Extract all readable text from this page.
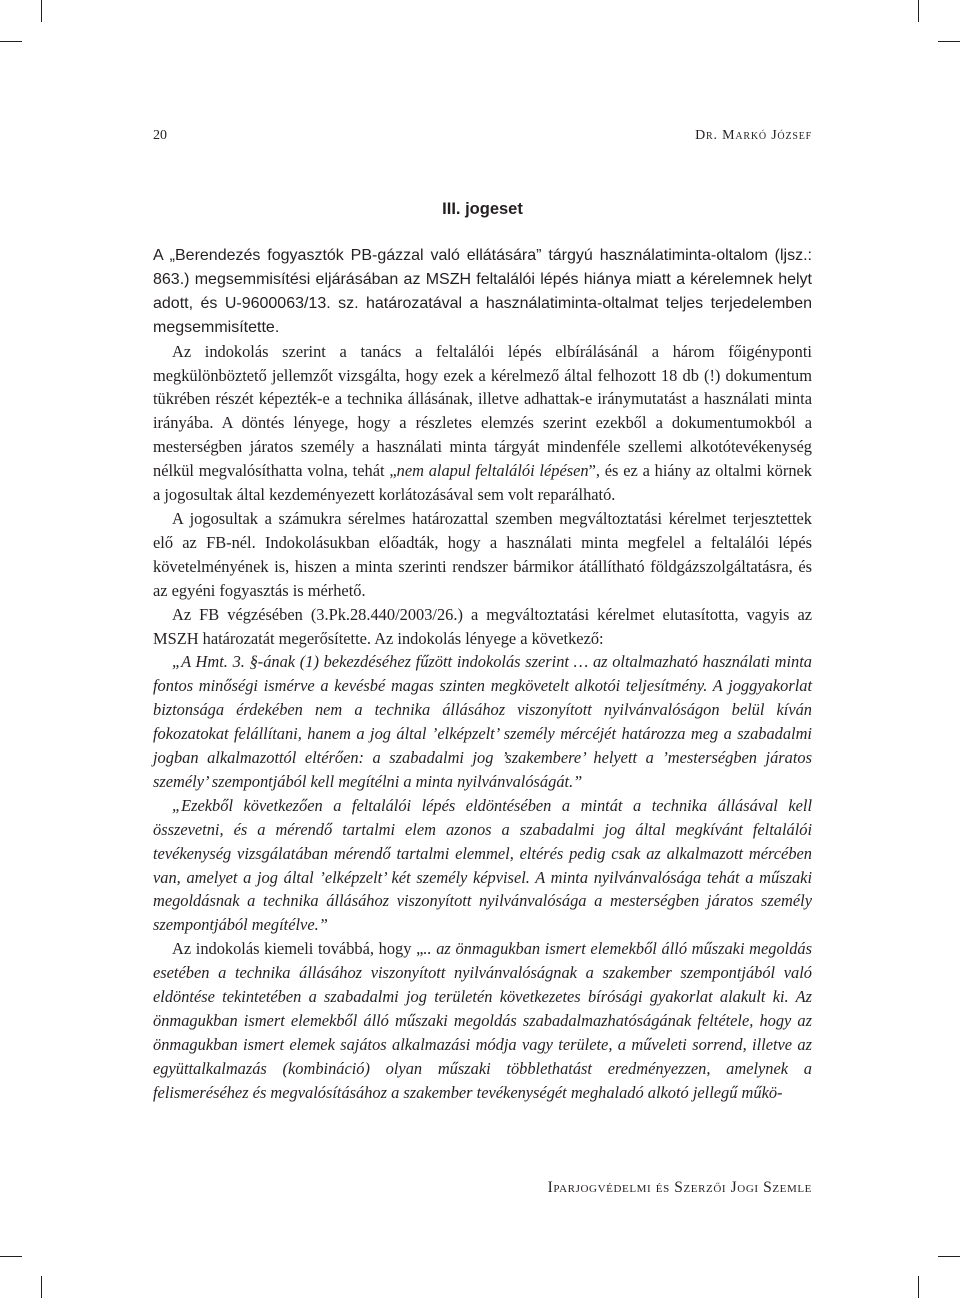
20	Dr. Markó József
III. jogeset

A „Berendezés fogyasztók PB-gázzal való ellátására” tárgyú használatiminta-oltalom (ljsz.: 863.) megsemmisítési eljárásában az MSZH feltalálói lépés hiánya miatt a kérelemnek helyt adott, és U-9600063/13. sz. határozatával a használatiminta-oltalmat teljes terjedelemben megsemmisítette.

Az indokolás szerint a tanács a feltalálói lépés elbírálásánál a három főigényponti megkülönböztető jellemzőt vizsgálta, hogy ezek a kérelmező által felhozott 18 db (!) dokumentum tükrében részét képezték-e a technika állásának, illetve adhattak-e iránymutatást a használati minta irányába. A döntés lényege, hogy a részletes elemzés szerint ezekből a dokumentumokból a mesterségben járatos személy a használati minta tárgyát mindenféle szellemi alkotótevékenység nélkül megvalósíthatta volna, tehát „nem alapul feltalálói lépésen”, és ez a hiány az oltalmi körnek a jogosultak által kezdeményezett korlátozásával sem volt reparálható.

A jogosultak a számukra sérelmes határozattal szemben megváltoztatási kérelmet terjesztettek elő az FB-nél. Indokolásukban előadták, hogy a használati minta megfelel a feltalálói lépés követelményének is, hiszen a minta szerinti rendszer bármikor átállítható földgázszolgáltatásra, és az egyéni fogyasztás is mérhető.

Az FB végzésében (3.Pk.28.440/2003/26.) a megváltoztatási kérelmet elutasította, vagyis az MSZH határozatát megerősítette. Az indokolás lényege a következő:

„A Hmt. 3. §-ának (1) bekezdéséhez fűzött indokolás szerint … az oltalmazható használati minta fontos minőségi ismérve a kevésbé magas szinten megkövetelt alkotói teljesítmény. A joggyakorlat biztonsága érdekében nem a technika állásához viszonyított nyilvánvalóságon belül kíván fokozatokat felállítani, hanem a jog által ’elképzelt’ személy mércéjét határozza meg a szabadalmi jogban alkalmazottól eltérően: a szabadalmi jog ’szakembere’ helyett a ’mesterségben járatos személy’ szempontjából kell megítélni a minta nyilvánvalóságát.”

„Ezekből következően a feltalálói lépés eldöntésében a mintát a technika állásával kell összevetni, és a mérendő tartalmi elem azonos a szabadalmi jog által megkívánt feltalálói tevékenység vizsgálatában mérendő tartalmi elemmel, eltérés pedig csak az alkalmazott mércében van, amelyet a jog által ’elképzelt’ két személy képvisel. A minta nyilvánvalósága tehát a műszaki megoldásnak a technika állásához viszonyított nyilvánvalósága a mesterségben járatos személy szempontjából megítélve.”

Az indokolás kiemeli továbbá, hogy „.. az önmagukban ismert elemekből álló műszaki megoldás esetében a technika állásához viszonyított nyilvánvalóságnak a szakember szempontjából való eldöntése tekintetében a szabadalmi jog területén következetes bírósági gyakorlat alakult ki. Az önmagukban ismert elemekből álló műszaki megoldás szabadalmazhatóságának feltétele, hogy az önmagukban ismert elemek sajátos alkalmazási módja vagy területe, a műveleti sorrend, illetve az együttalkalmazás (kombináció) olyan műszaki többlethatást eredményezzen, amelynek a felismeréséhez és megvalósításához a szakember tevékenységét meghaladó alkotó jellegű műkö-

Iparjogvédelmi és Szerzői Jogi Szemle
